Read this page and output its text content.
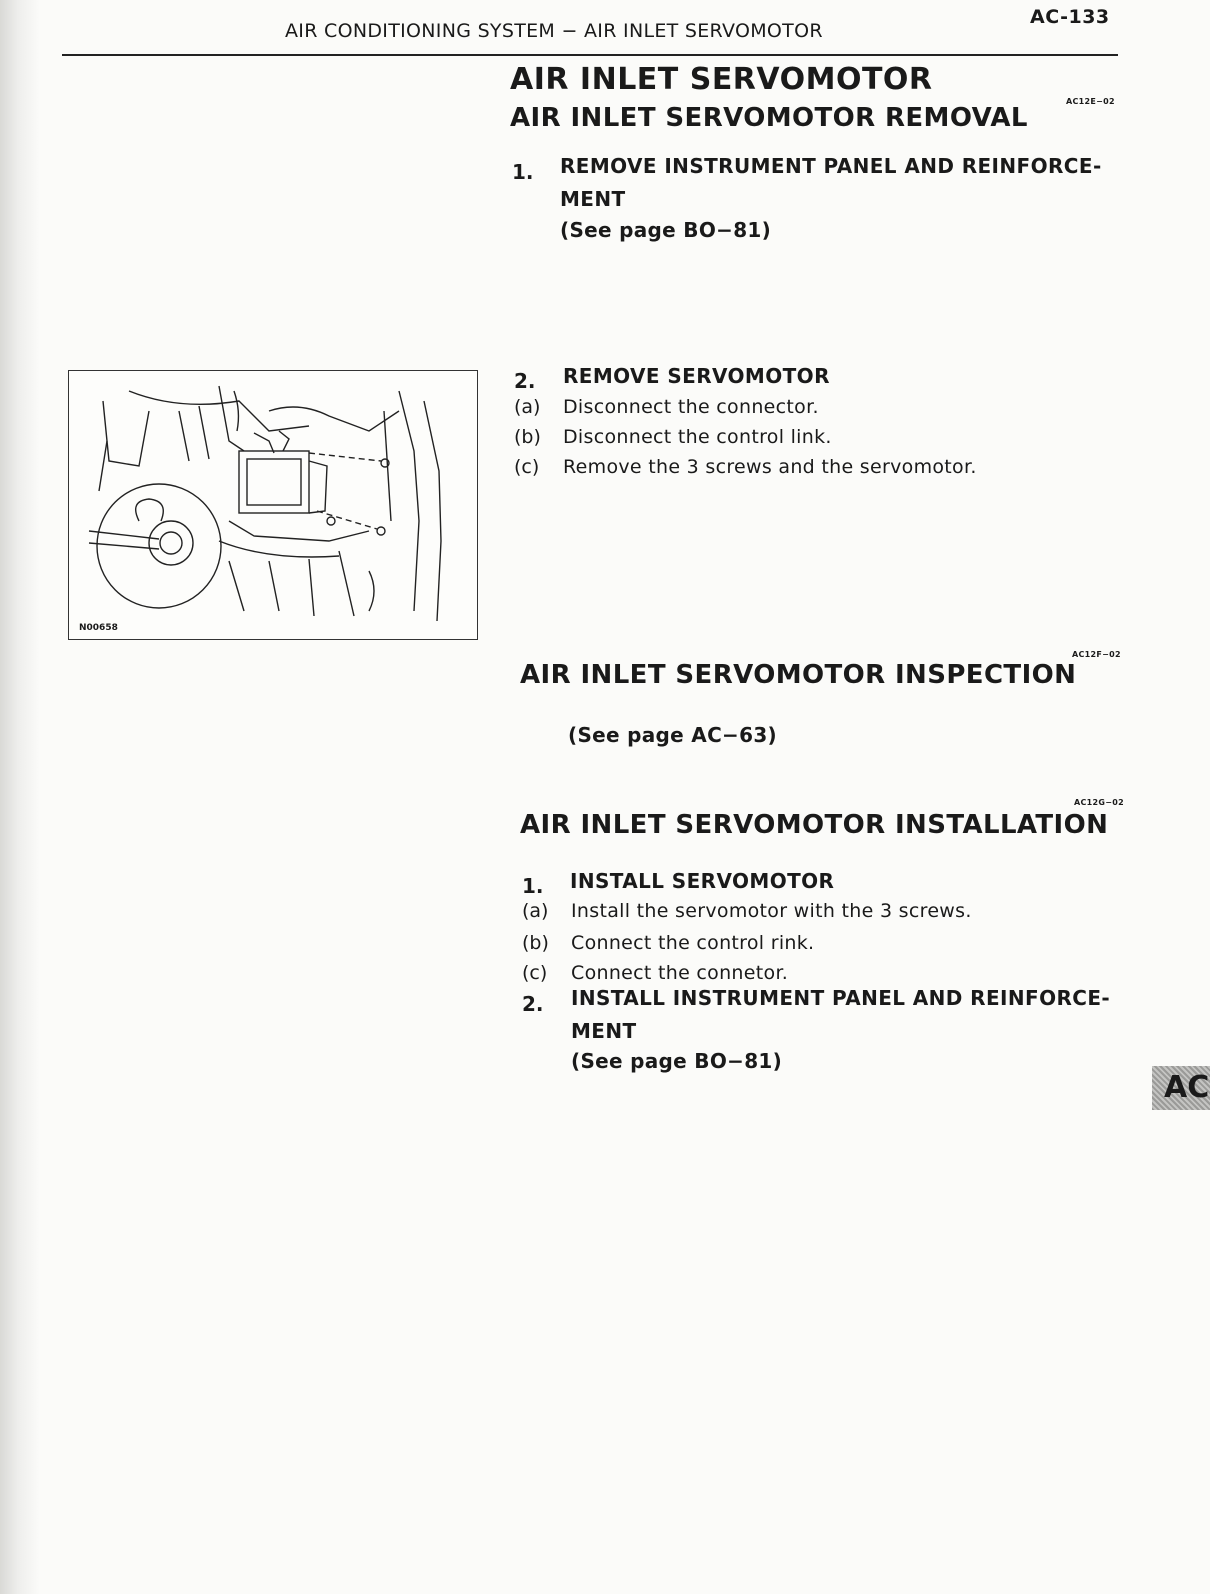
AC-133
AIR CONDITIONING SYSTEM − AIR INLET SERVOMOTOR
AIR INLET SERVOMOTOR
AIR INLET SERVOMOTOR REMOVAL
AC12E−02
1. REMOVE INSTRUMENT PANEL AND REINFORCE-
MENT
(See page BO−81)
N00658
2. REMOVE SERVOMOTOR
(a) Disconnect the connector.
(b) Disconnect the control link.
(c) Remove the 3 screws and the servomotor.
AIR INLET SERVOMOTOR INSPECTION
AC12F−02
(See page AC−63)
AC12G−02
AIR INLET SERVOMOTOR INSTALLATION
1. INSTALL SERVOMOTOR
(a) Install the servomotor with the 3 screws.
(b) Connect the control rink.
(c) Connect the connetor.
2. INSTALL INSTRUMENT PANEL AND REINFORCE-
MENT
(See page BO−81)
AC
